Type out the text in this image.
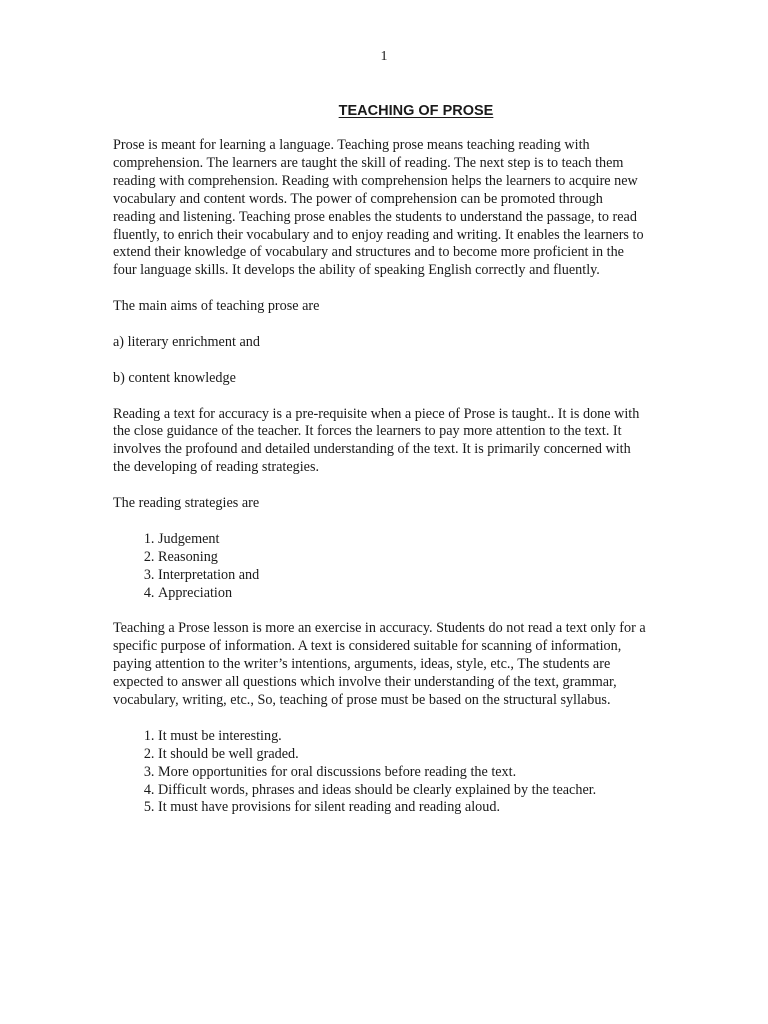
1
TEACHING OF PROSE

Prose is meant for learning a language. Teaching prose means teaching reading with comprehension. The learners are taught the skill of reading. The next step is to teach them reading with comprehension. Reading with comprehension helps the learners to acquire new vocabulary and content words. The power of comprehension can be promoted through reading and listening. Teaching prose enables the students to understand the passage, to read fluently, to enrich their vocabulary and to enjoy reading and writing. It enables the learners to extend their knowledge of vocabulary and structures and to become more proficient in the four language skills. It develops the ability of speaking English correctly and fluently.

The main aims of teaching prose are

a) literary enrichment and

b) content knowledge

Reading a text for accuracy is a pre-requisite when a piece of Prose is taught.. It is done with the close guidance of the teacher. It forces the learners to pay more attention to the text. It involves the profound and detailed understanding of the text. It is primarily concerned with the developing of reading strategies.

The reading strategies are

1. Judgement
2. Reasoning
3. Interpretation and
4. Appreciation

Teaching a Prose lesson is more an exercise in accuracy. Students do not read a text only for a specific purpose of information. A text is considered suitable for scanning of information, paying attention to the writer’s intentions, arguments, ideas, style, etc., The students are expected to answer all questions which involve their understanding of the text, grammar, vocabulary, writing, etc., So, teaching of prose must be based on the structural syllabus.

1. It must be interesting.
2. It should be well graded.
3. More opportunities for oral discussions before reading the text.
4. Difficult words, phrases and ideas should be clearly explained by the teacher.
5. It must have provisions for silent reading and reading aloud.
